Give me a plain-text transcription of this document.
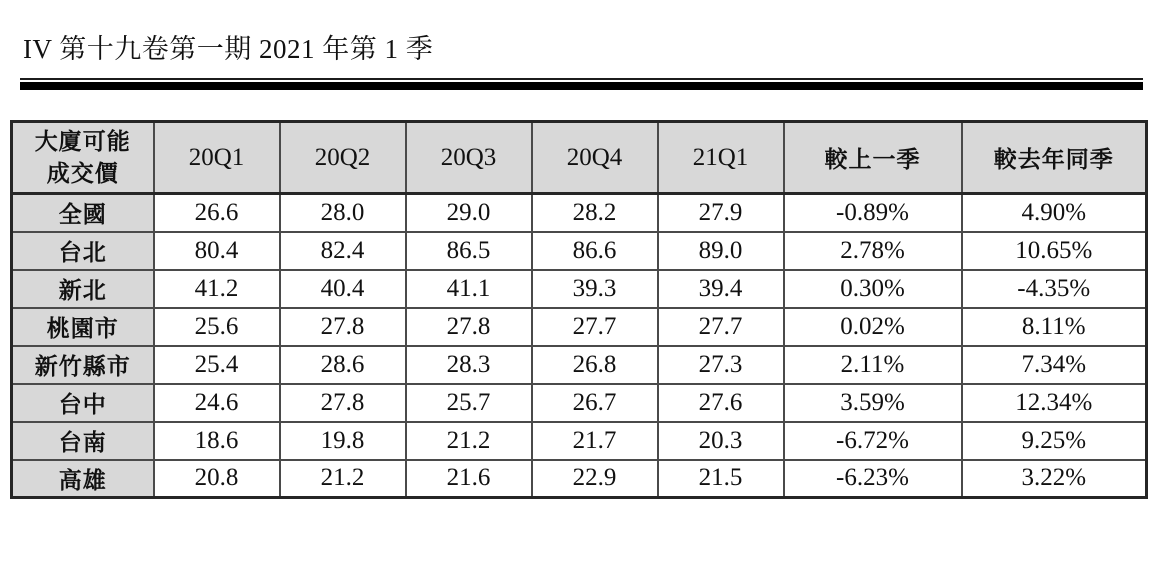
IV 第十九卷第一期 2021 年第 1 季
大廈可能
成交價	20Q1	20Q2	20Q3	20Q4	21Q1	較上一季	較去年同季
全國	26.6	28.0	29.0	28.2	27.9	-0.89%	4.90%
台北	80.4	82.4	86.5	86.6	89.0	2.78%	10.65%
新北	41.2	40.4	41.1	39.3	39.4	0.30%	-4.35%
桃園市	25.6	27.8	27.8	27.7	27.7	0.02%	8.11%
新竹縣市	25.4	28.6	28.3	26.8	27.3	2.11%	7.34%
台中	24.6	27.8	25.7	26.7	27.6	3.59%	12.34%
台南	18.6	19.8	21.2	21.7	20.3	-6.72%	9.25%
高雄	20.8	21.2	21.6	22.9	21.5	-6.23%	3.22%
